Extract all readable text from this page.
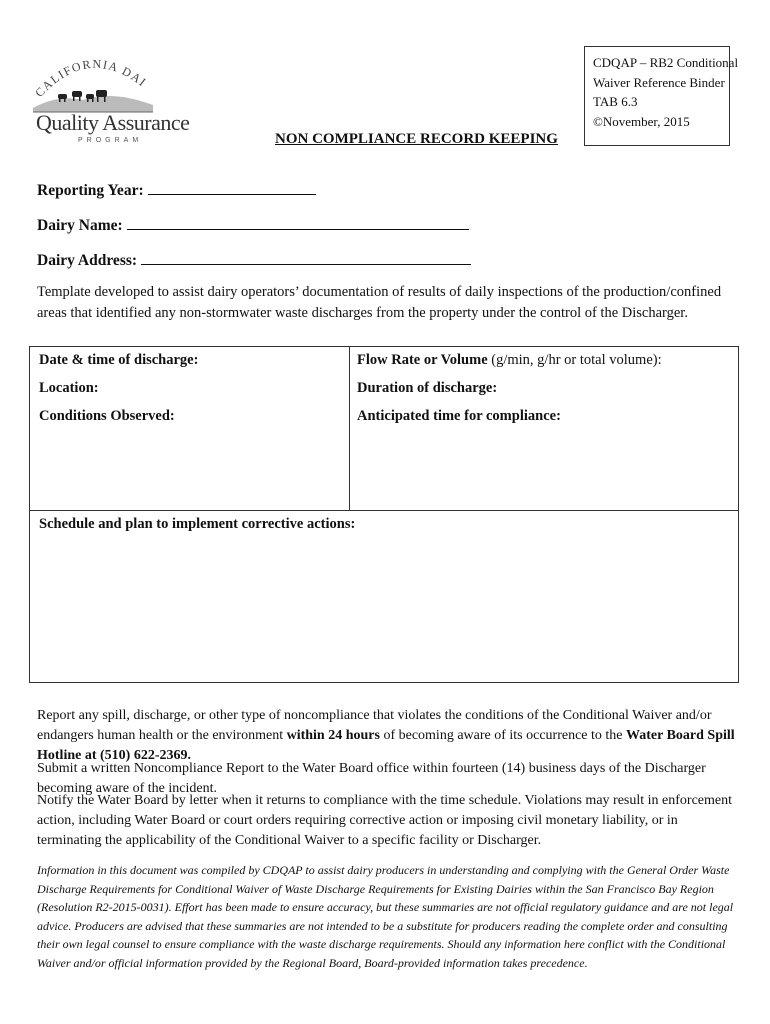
CALIFORNIA DAI
Quality Assurance
PROGRAM
CDQAP – RB2 Conditional
Waiver Reference Binder
TAB 6.3
©November, 2015
NON COMPLIANCE RECORD KEEPING
Reporting Year:
Dairy Name:
Dairy Address:
Template developed to assist dairy operators’ documentation of results of daily inspections of the production/confined areas that identified any non-stormwater waste discharges from the property under the control of the Discharger.
Date & time of discharge:	Flow Rate or Volume (g/min, g/hr or total volume):
Location:	Duration of discharge:
Conditions Observed:	Anticipated time for compliance:
Schedule and plan to implement corrective actions:
Report any spill, discharge, or other type of noncompliance that violates the conditions of the Conditional Waiver and/or endangers human health or the environment within 24 hours of becoming aware of its occurrence to the Water Board Spill Hotline at (510) 622-2369.
Submit a written Noncompliance Report to the Water Board office within fourteen (14) business days of the Discharger becoming aware of the incident.
Notify the Water Board by letter when it returns to compliance with the time schedule. Violations may result in enforcement action, including Water Board or court orders requiring corrective action or imposing civil monetary liability, or in terminating the applicability of the Conditional Waiver to a specific facility or Discharger.
Information in this document was compiled by CDQAP to assist dairy producers in understanding and complying with the General Order Waste Discharge Requirements for Conditional Waiver of Waste Discharge Requirements for Existing Dairies within the San Francisco Bay Region (Resolution R2-2015-0031). Effort has been made to ensure accuracy, but these summaries are not official regulatory guidance and are not legal advice. Producers are advised that these summaries are not intended to be a substitute for producers reading the complete order and consulting their own legal counsel to ensure compliance with the waste discharge requirements. Should any information here conflict with the Conditional Waiver and/or official information provided by the Regional Board, Board-provided information takes precedence.
